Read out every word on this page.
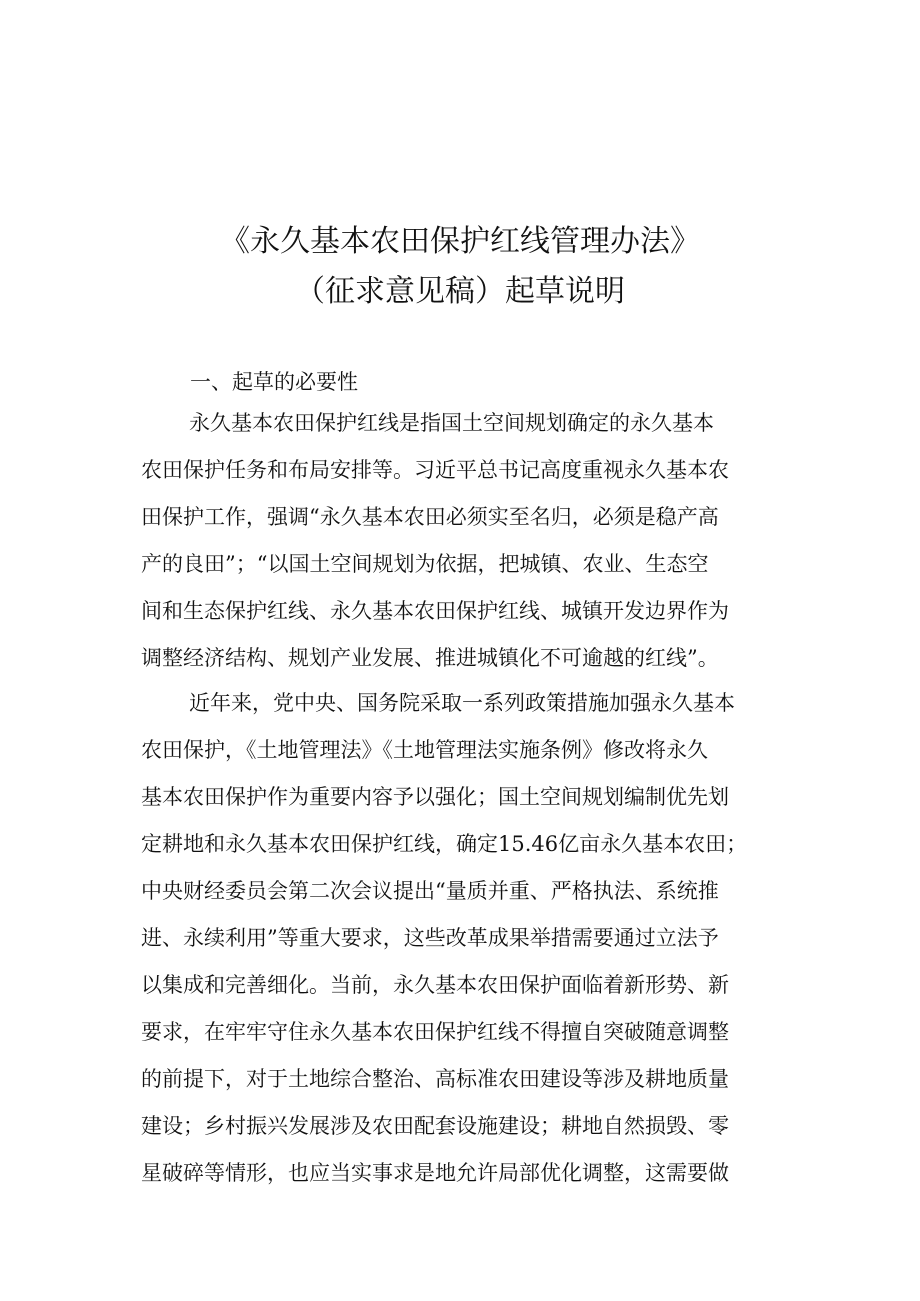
《永久基本农田保护红线管理办法》
（征求意见稿）起草说明
一、起草的必要性
永久基本农田保护红线是指国土空间规划确定的永久基本
农田保护任务和布局安排等。习近平总书记高度重视永久基本农
田保护工作，强调“永久基本农田必须实至名归，必须是稳产高
产的良田”；“以国土空间规划为依据，把城镇、农业、生态空
间和生态保护红线、永久基本农田保护红线、城镇开发边界作为
调整经济结构、规划产业发展、推进城镇化不可逾越的红线”。
近年来，党中央、国务院采取一系列政策措施加强永久基本
农田保护，《土地管理法》《土地管理法实施条例》修改将永久
基本农田保护作为重要内容予以强化；国土空间规划编制优先划
定耕地和永久基本农田保护红线，确定15.46亿亩永久基本农田；
中央财经委员会第二次会议提出“量质并重、严格执法、系统推
进、永续利用”等重大要求，这些改革成果举措需要通过立法予
以集成和完善细化。当前，永久基本农田保护面临着新形势、新
要求，在牢牢守住永久基本农田保护红线不得擅自突破随意调整
的前提下，对于土地综合整治、高标准农田建设等涉及耕地质量
建设；乡村振兴发展涉及农田配套设施建设；耕地自然损毁、零
星破碎等情形，也应当实事求是地允许局部优化调整，这需要做
